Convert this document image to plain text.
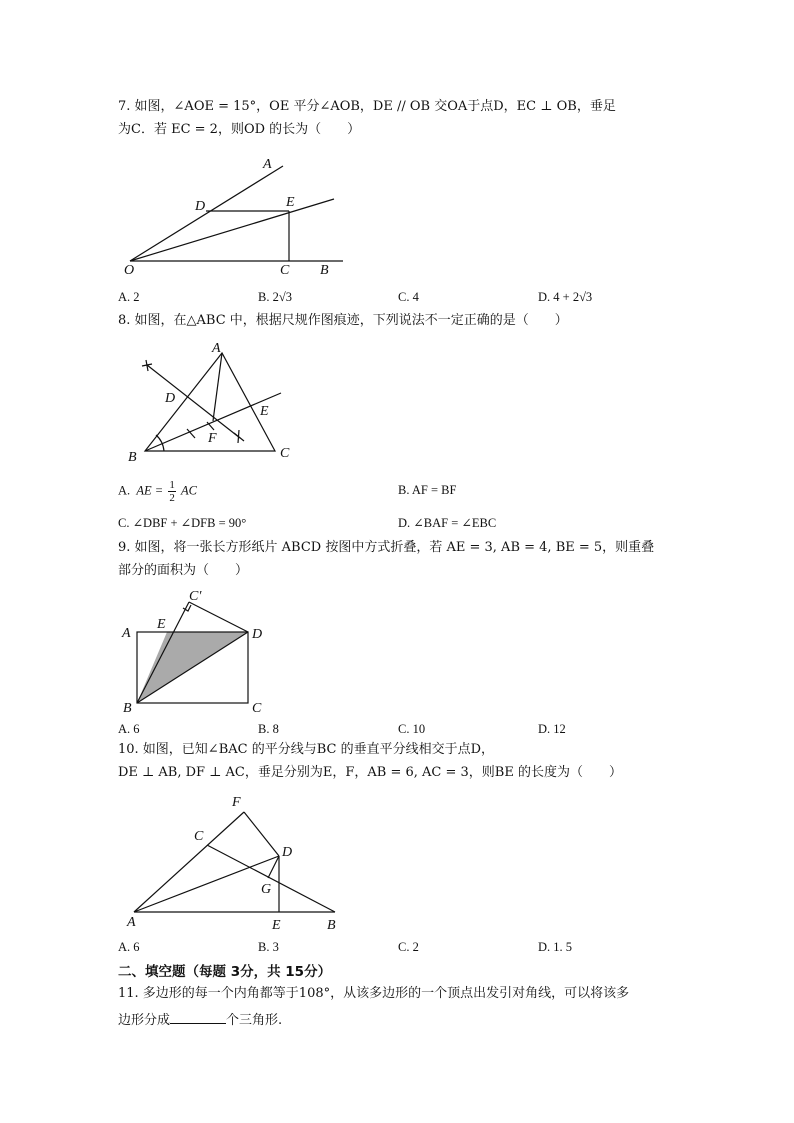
7. 如图，∠AOE = 15°，OE 平分∠AOB，DE // OB 交OA于点D，EC ⊥ OB，垂足
为C．若 EC = 2，则OD 的长为（　　）
A
D	E
O	C B
A. 2	B. 2√3	C. 4	D. 4 + 2√3
8. 如图，在△ABC 中，根据尺规作图痕迹，下列说法不一定正确的是（　　）
A
D
E
F
B	C
A. AE = $\frac{1}{2}$ AC	B. AF = BF
C. ∠DBF + ∠DFB = 90°	D. ∠BAF = ∠EBC
9. 如图，将一张长方形纸片 ABCD 按图中方式折叠，若 AE = 3, AB = 4, BE = 5，则重叠
部分的面积为（　　）
C′
A
E
D
B	C
A. 6	B. 8	C. 10	D. 12
10. 如图，已知∠BAC 的平分线与BC 的垂直平分线相交于点D，
DE ⊥ AB, DF ⊥ AC，垂足分别为E，F，AB = 6, AC = 3，则BE 的长度为（　　）
F
C
D
G
A	E	B
A. 6	B. 3	C. 2	D. 1. 5
二、填空题（每题 3分，共 15分）
11. 多边形的每一个内角都等于108°，从该多边形的一个顶点出发引对角线，可以将该多
边形分成	个三角形.
